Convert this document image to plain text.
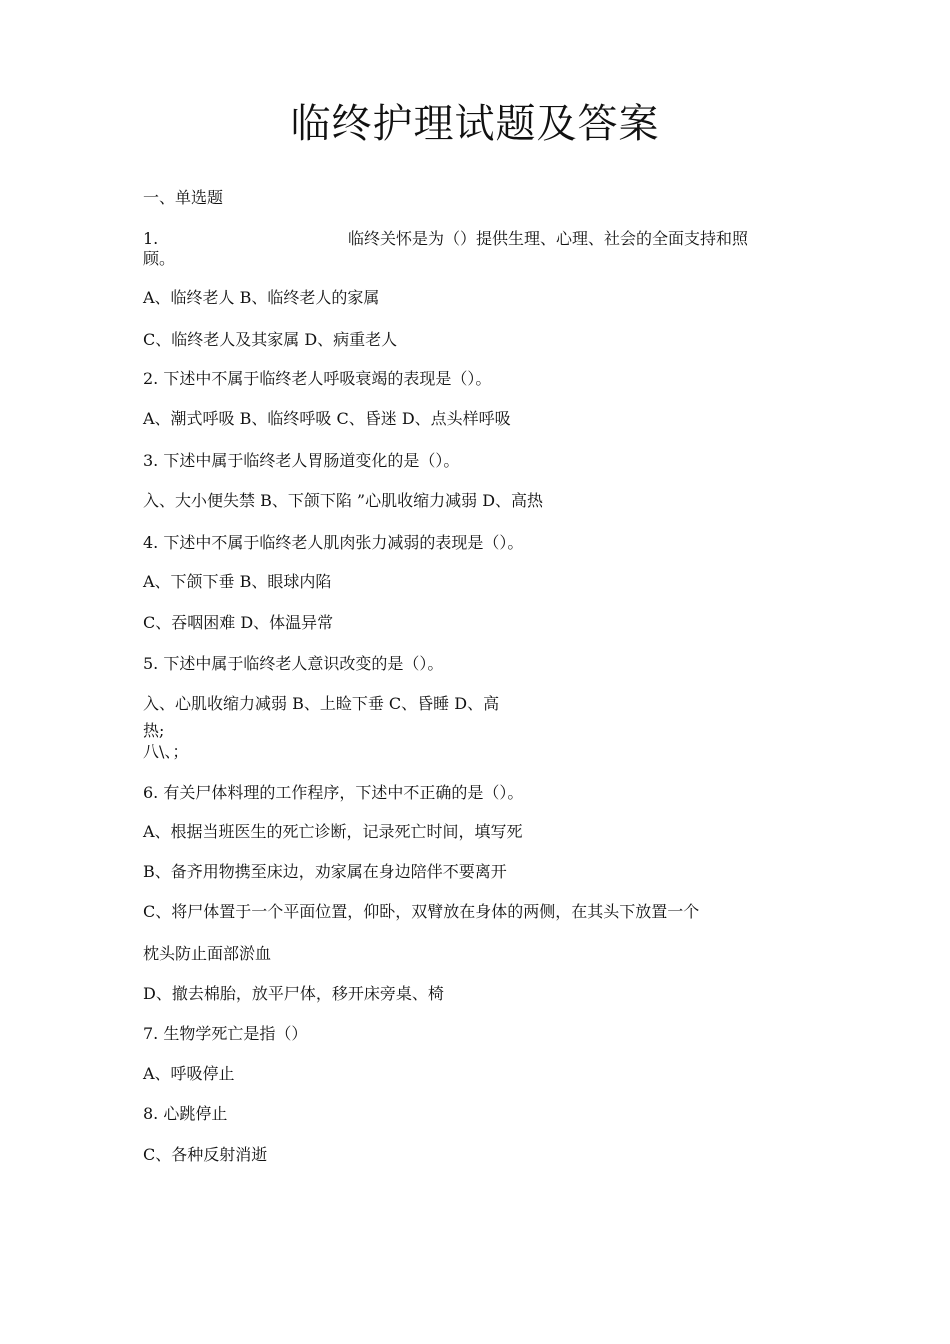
临终护理试题及答案

一、单选题

1.	临终关怀是为（）提供生理、心理、社会的全面支持和照
顾。

A、临终老人 B、临终老人的家属

C、临终老人及其家属 D、病重老人

2. 下述中不属于临终老人呼吸衰竭的表现是（）。

A、潮式呼吸 B、临终呼吸 C、昏迷 D、点头样呼吸

3. 下述中属于临终老人胃肠道变化的是（）。

入、大小便失禁 B、下颌下陷 ”心肌收缩力减弱 D、高热

4. 下述中不属于临终老人肌肉张力减弱的表现是（）。

A、下颌下垂 B、眼球内陷

C、吞咽困难 D、体温异常

5. 下述中属于临终老人意识改变的是（）。

入、心肌收缩力减弱 B、上睑下垂 C、昏睡 D、高

热;

八\、；

6. 有关尸体料理的工作程序，下述中不正确的是（）。

A、根据当班医生的死亡诊断，记录死亡时间，填写死

B、备齐用物携至床边，劝家属在身边陪伴不要离开

C、将尸体置于一个平面位置，仰卧，双臂放在身体的两侧，在其头下放置一个

枕头防止面部淤血

D、撤去棉胎，放平尸体，移开床旁桌、椅

7. 生物学死亡是指（）

A、呼吸停止

8. 心跳停止

C、各种反射消逝
